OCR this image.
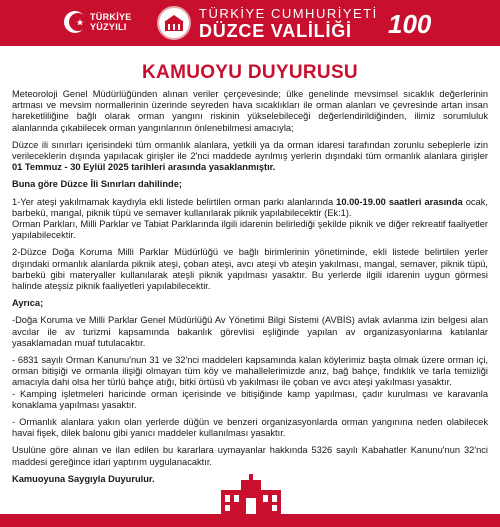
TÜRKİYE
YÜZYILI
TÜRKİYE CUMHURİYETİ
DÜZCE VALİLİĞİ	100
KAMUOYU DUYURUSU

Meteoroloji Genel Müdürlüğünden alınan veriler çerçevesinde; ülke genelinde mevsimsel sıcaklık değerlerinin artması ve mevsim normallerinin üzerinde seyreden hava sıcaklıkları ile orman alanları ve çevresinde artan insan hareketliliğine bağlı olarak orman yangını riskinin yükselebileceği değerlendirildiğinden, ilimiz sorumluluk alanlarında çıkabilecek orman yangınlarının önlenebilmesi amacıyla;

Düzce ili sınırları içerisindeki tüm ormanlık alanlara, yetkili ya da orman idaresi tarafından zorunlu sebeplerle izin verileceklerin dışında yapılacak girişler ile 2'nci maddede ayrılmış yerlerin dışındaki tüm ormanlık alanlara girişler 01 Temmuz - 30 Eylül 2025 tarihleri arasında yasaklanmıştır.

Buna göre Düzce İli Sınırları dahilinde;

1-Yer ateşi yakılmamak kaydıyla ekli listede belirtilen orman parkı alanlarında 10.00-19.00 saatleri arasında ocak, barbekü, mangal, piknik tüpü ve semaver kullanılarak piknik yapılabilecektir (Ek:1).
Orman Parkları, Milli Parklar ve Tabiat Parklarında ilgili idarenin belirlediği şekilde piknik ve diğer rekreatif faaliyetler yapılabilecektir.

2-Düzce Doğa Koruma Milli Parklar Müdürlüğü ve bağlı birimlerinin yönetiminde, ekli listede belirtilen yerler dışındaki ormanlık alanlarda piknik ateşi, çoban ateşi, avcı ateşi vb ateşin yakılması, mangal, semaver, piknik tüpü, barbekü gibi materyaller kullanılarak ateşli piknik yapılması yasaktır. Bu yerlerde ilgili idarenin uygun görmesi halinde ateşsiz piknik faaliyetleri yapılabilecektir.

Ayrıca;

-Doğa Koruma ve Milli Parklar Genel Müdürlüğü Av Yönetimi Bilgi Sistemi (AVBİS) avlak avlanma izin belgesi alan avcılar ile av turizmi kapsamında bakanlık görevlisi eşliğinde yapılan av organizasyonlarına katılanlar yasaklamadan muaf tutulacaktır.

- 6831 sayılı Orman Kanunu'nun 31 ve 32'nci maddeleri kapsamında kalan köylerimiz başta olmak üzere orman içi, orman bitişiği ve ormanla ilişiği olmayan tüm köy ve mahallelerimizde anız, bağ bahçe, fındıklık ve tarla temizliği amacıyla dahi olsa her türlü bahçe atığı, bitki örtüsü vb yakılması ile çoban ve avcı ateşi yakılması yasaktır.
- Kamping işletmeleri haricinde orman içerisinde ve bitişiğinde kamp yapılması, çadır kurulması ve karavanla konaklama yapılması yasaktır.

- Ormanlık alanlara yakın olan yerlerde düğün ve benzeri organizasyonlarda orman yangınına neden olabilecek havai fişek, dilek balonu gibi yanıcı maddeler kullanılması yasaktır.

Usulüne göre alınan ve ilan edilen bu kararlara uymayanlar hakkında 5326 sayılı Kabahatler Kanunu'nun 32'nci maddesi gereğince idari yaptırım uygulanacaktır.

Kamuoyuna Saygıyla Duyurulur.
